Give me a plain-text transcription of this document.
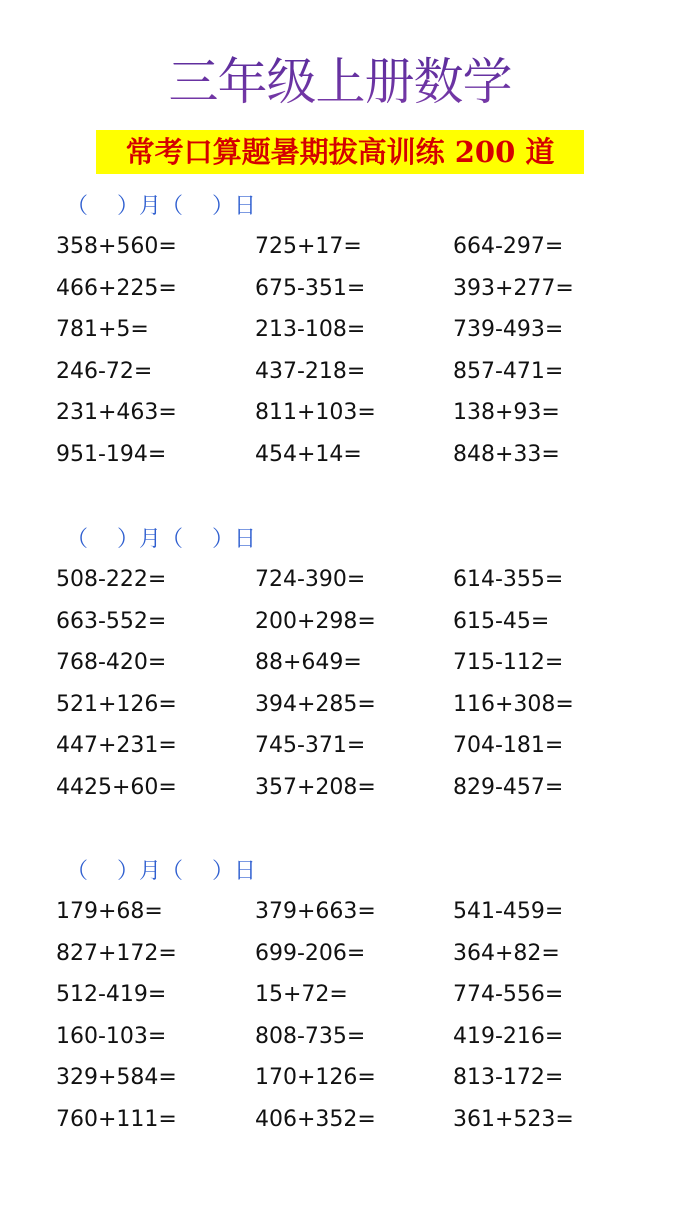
三年级上册数学
常考口算题暑期拔高训练 200 道
（　 ）月（　 ）日
358+560=	725+17=	664-297=
466+225=	675-351=	393+277=
781+5=	213-108=	739-493=
246-72=	437-218=	857-471=
231+463=	811+103=	138+93=
951-194=	454+14=	848+33=
（　 ）月（　 ）日
508-222=	724-390=	614-355=
663-552=	200+298=	615-45=
768-420=	88+649=	715-112=
521+126=	394+285=	116+308=
447+231=	745-371=	704-181=
4425+60=	357+208=	829-457=
（　 ）月（　 ）日
179+68=	379+663=	541-459=
827+172=	699-206=	364+82=
512-419=	15+72=	774-556=
160-103=	808-735=	419-216=
329+584=	170+126=	813-172=
760+111=	406+352=	361+523=
